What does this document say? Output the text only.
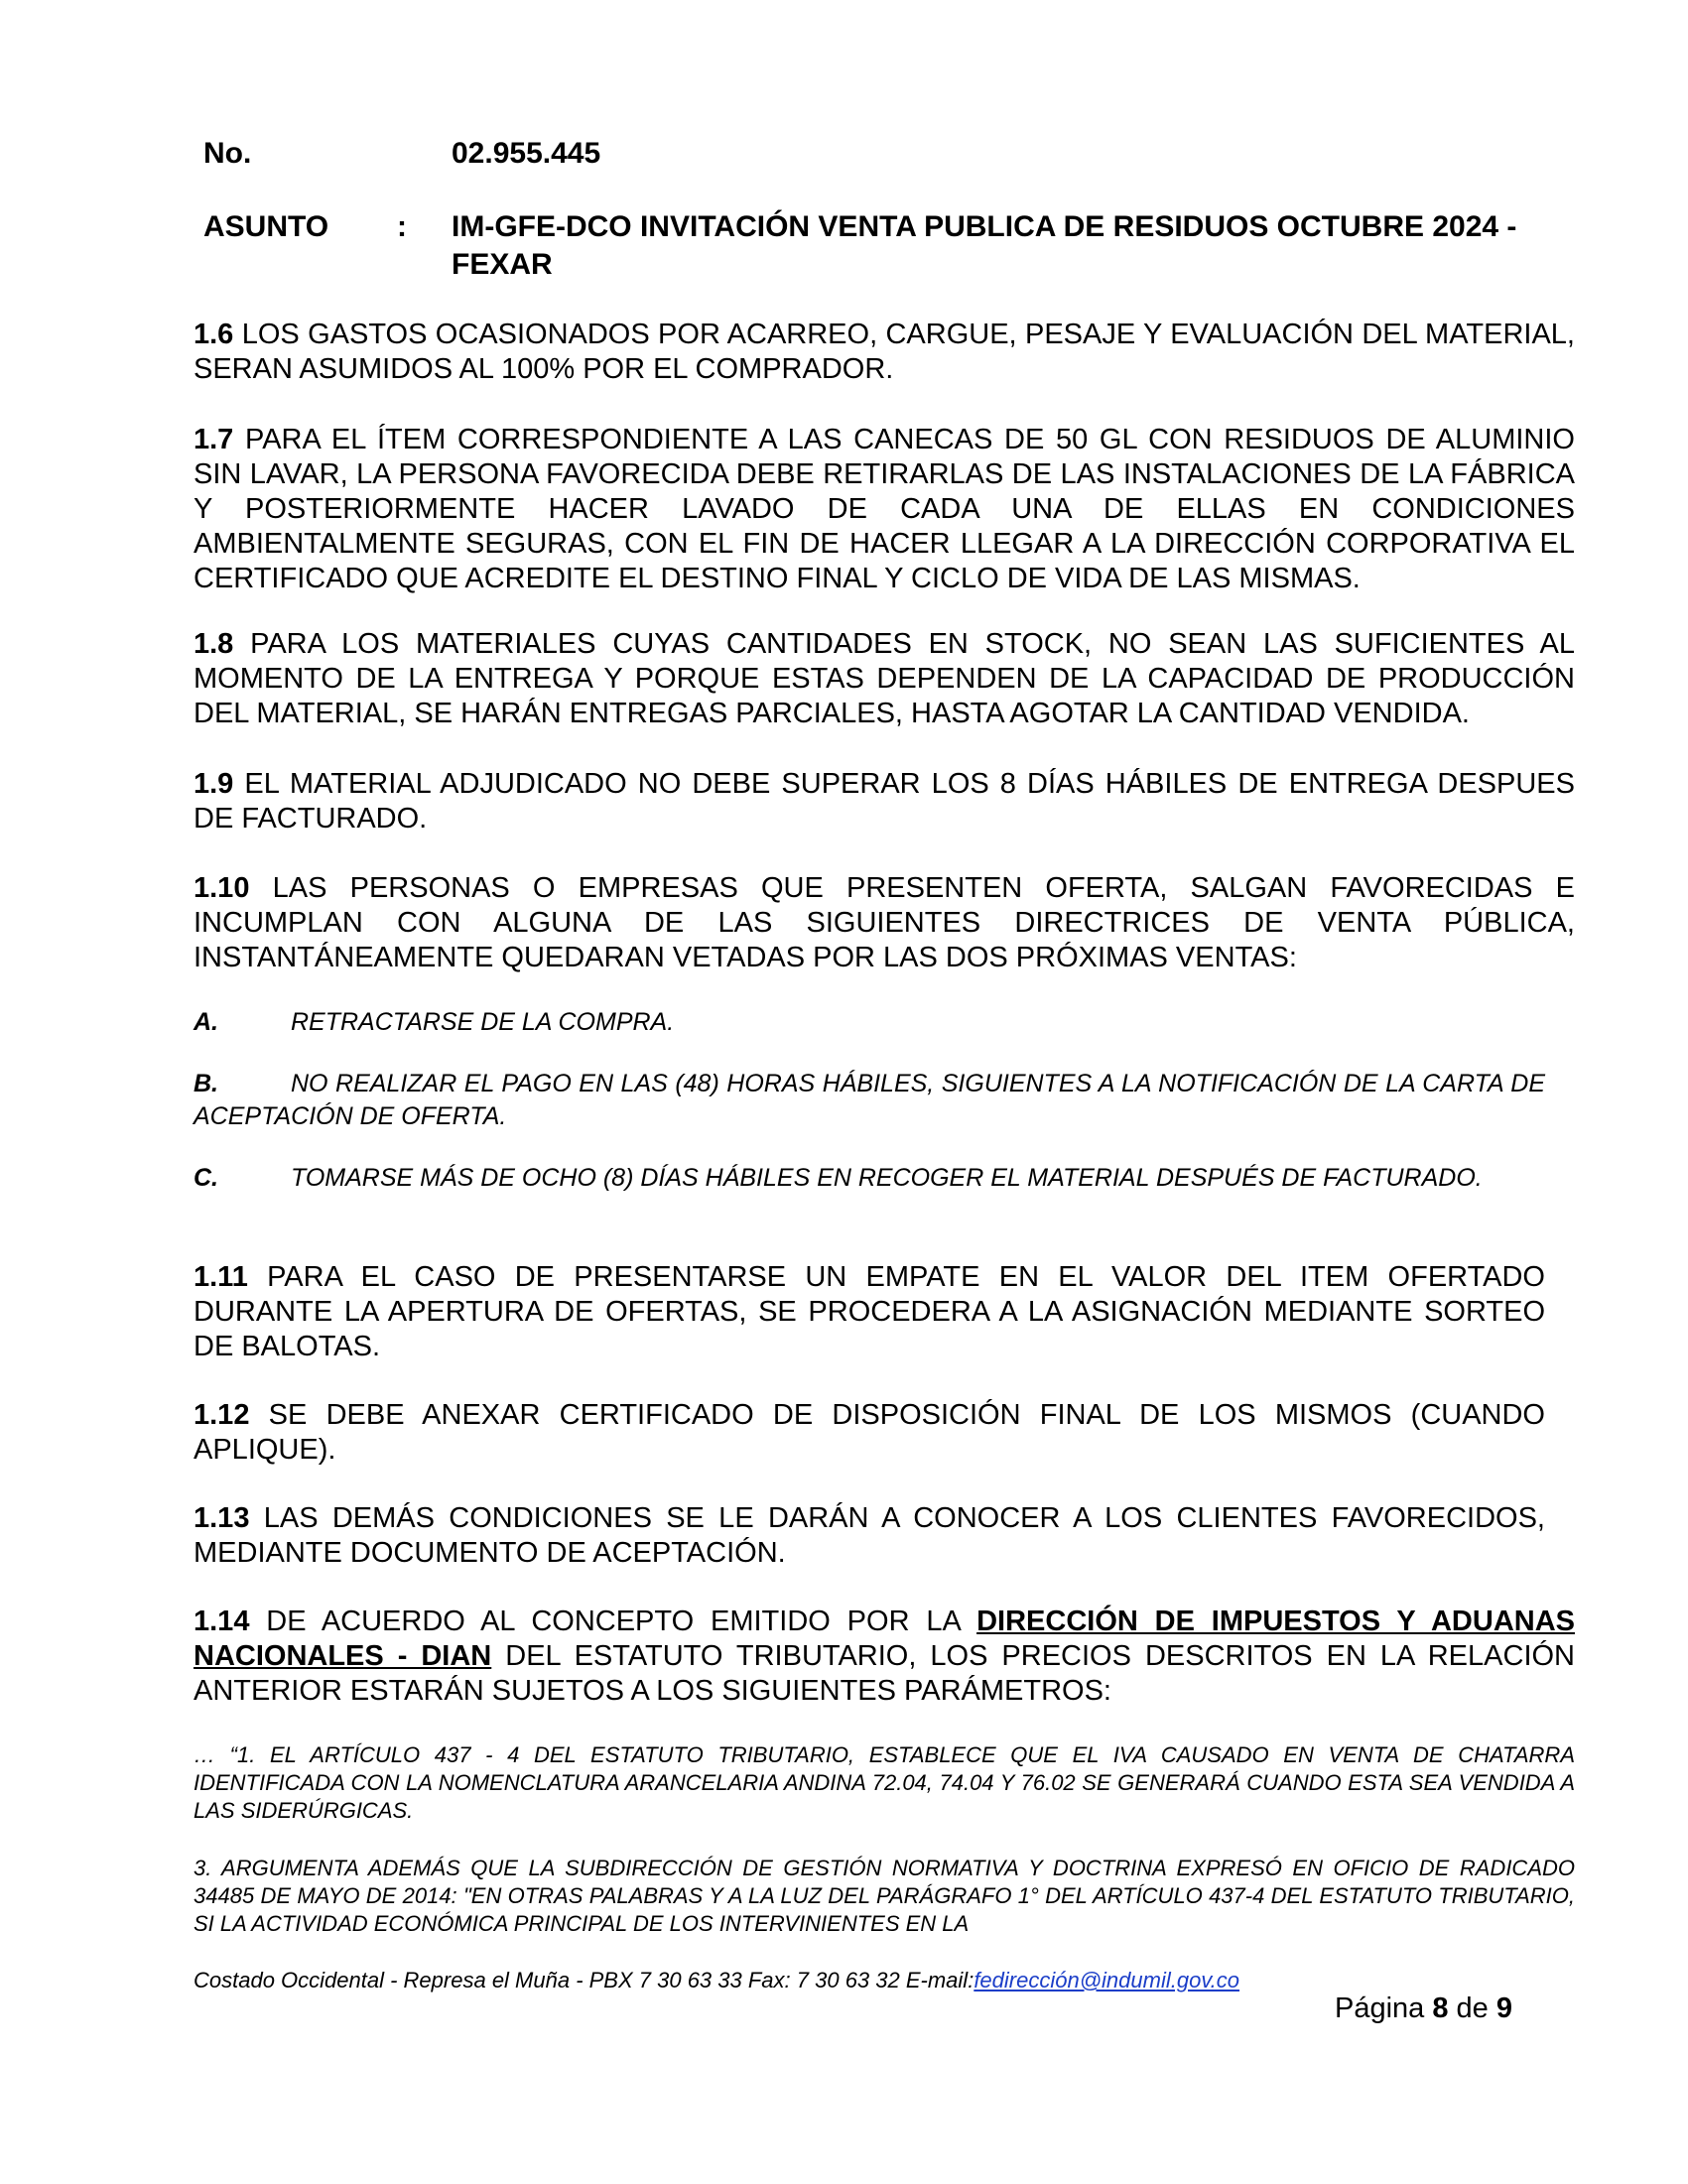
No.	02.955.445
ASUNTO : IM-GFE-DCO INVITACIÓN VENTA PUBLICA DE RESIDUOS OCTUBRE 2024 - FEXAR
1.6 LOS GASTOS OCASIONADOS POR ACARREO, CARGUE, PESAJE Y EVALUACIÓN DEL MATERIAL, SERAN ASUMIDOS AL 100% POR EL COMPRADOR.
1.7 PARA EL ÍTEM CORRESPONDIENTE A LAS CANECAS DE 50 GL CON RESIDUOS DE ALUMINIO SIN LAVAR, LA PERSONA FAVORECIDA DEBE RETIRARLAS DE LAS INSTALACIONES DE LA FÁBRICA Y POSTERIORMENTE HACER LAVADO DE CADA UNA DE ELLAS EN CONDICIONES AMBIENTALMENTE SEGURAS, CON EL FIN DE HACER LLEGAR A LA DIRECCIÓN CORPORATIVA EL CERTIFICADO QUE ACREDITE EL DESTINO FINAL Y CICLO DE VIDA DE LAS MISMAS.
1.8 PARA LOS MATERIALES CUYAS CANTIDADES EN STOCK, NO SEAN LAS SUFICIENTES AL MOMENTO DE LA ENTREGA Y PORQUE ESTAS DEPENDEN DE LA CAPACIDAD DE PRODUCCIÓN DEL MATERIAL, SE HARÁN ENTREGAS PARCIALES, HASTA AGOTAR LA CANTIDAD VENDIDA.
1.9 EL MATERIAL ADJUDICADO NO DEBE SUPERAR LOS 8 DÍAS HÁBILES DE ENTREGA DESPUES DE FACTURADO.
1.10 LAS PERSONAS O EMPRESAS QUE PRESENTEN OFERTA, SALGAN FAVORECIDAS E INCUMPLAN CON ALGUNA DE LAS SIGUIENTES DIRECTRICES DE VENTA PÚBLICA, INSTANTÁNEAMENTE QUEDARAN VETADAS POR LAS DOS PRÓXIMAS VENTAS:
A.	RETRACTARSE DE LA COMPRA.
B.	NO REALIZAR EL PAGO EN LAS (48) HORAS HÁBILES, SIGUIENTES A LA NOTIFICACIÓN DE LA CARTA DE ACEPTACIÓN DE OFERTA.
C.	TOMARSE MÁS DE OCHO (8) DÍAS HÁBILES EN RECOGER EL MATERIAL DESPUÉS DE FACTURADO.
1.11 PARA EL CASO DE PRESENTARSE UN EMPATE EN EL VALOR DEL ITEM OFERTADO DURANTE LA APERTURA DE OFERTAS, SE PROCEDERA A LA ASIGNACIÓN MEDIANTE SORTEO DE BALOTAS.
1.12 SE DEBE ANEXAR CERTIFICADO DE DISPOSICIÓN FINAL DE LOS MISMOS (CUANDO APLIQUE).
1.13 LAS DEMÁS CONDICIONES SE LE DARÁN A CONOCER A LOS CLIENTES FAVORECIDOS, MEDIANTE DOCUMENTO DE ACEPTACIÓN.
1.14 DE ACUERDO AL CONCEPTO EMITIDO POR LA DIRECCIÓN DE IMPUESTOS Y ADUANAS NACIONALES - DIAN DEL ESTATUTO TRIBUTARIO, LOS PRECIOS DESCRITOS EN LA RELACIÓN ANTERIOR ESTARÁN SUJETOS A LOS SIGUIENTES PARÁMETROS:
… “1. EL ARTÍCULO 437 - 4 DEL ESTATUTO TRIBUTARIO, ESTABLECE QUE EL IVA CAUSADO EN VENTA DE CHATARRA IDENTIFICADA CON LA NOMENCLATURA ARANCELARIA ANDINA 72.04, 74.04 Y 76.02 SE GENERARÁ CUANDO ESTA SEA VENDIDA A LAS SIDERÚRGICAS.
3. ARGUMENTA ADEMÁS QUE LA SUBDIRECCIÓN DE GESTIÓN NORMATIVA Y DOCTRINA EXPRESÓ EN OFICIO DE RADICADO 34485 DE MAYO DE 2014: "EN OTRAS PALABRAS Y A LA LUZ DEL PARÁGRAFO 1° DEL ARTÍCULO 437-4 DEL ESTATUTO TRIBUTARIO, SI LA ACTIVIDAD ECONÓMICA PRINCIPAL DE LOS INTERVINIENTES EN LA
Costado Occidental - Represa el Muña - PBX 7 30 63 33 Fax: 7 30 63 32 E-mail:fedirección@indumil.gov.co
Página 8 de 9
